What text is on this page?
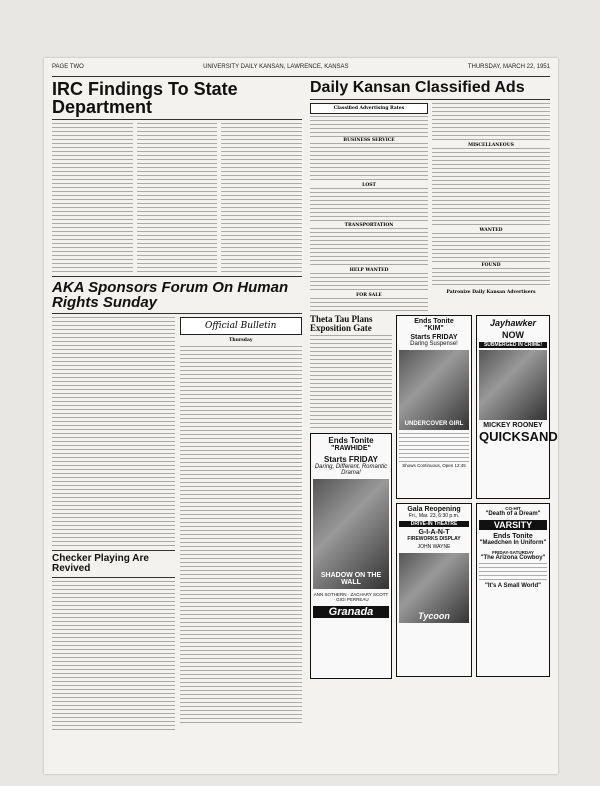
PAGE TWO	UNIVERSITY DAILY KANSAN, LAWRENCE, KANSAS	THURSDAY, MARCH 22, 1951
IRC Findings To State Department
AKA Sponsors Forum On Human Rights Sunday
Checker Playing Are Revived
Official Bulletin
Thursday
Daily Kansan Classified Ads
Classified Advertising Rates
BUSINESS SERVICE
LOST
TRANSPORTATION
HELP WANTED
FOR SALE
MISCELLANEOUS
WANTED
FOUND
Patronize Daily Kansan Advertisers
Theta Tau Plans Exposition Gate
Ends Tonite
"RAWHIDE"
Starts FRIDAY
Daring, Different, Romantic Drama!
SHADOW ON THE WALL
ANN SOTHERN · ZACHARY SCOTT · GIGI PERREAU
Granada
Ends Tonite
"KIM"
Starts FRIDAY
Daring Suspense!
UNDERCOVER GIRL
Shows Continuous, Open 12:45
Gala Reopening
Fri., Mar. 23, 6:30 p.m.
DRIVE-IN THEATRE
G-I-A-N-T
FIREWORKS DISPLAY
JOHN WAYNE
Tycoon
Jayhawker
NOW
SUBMERGED IN CRIME!
MICKEY ROONEY
QUICKSAND
CO-HIT
"Death of a Dream"
VARSITY
Ends Tonite
"Maedchen In Uniform"
FRIDAY-SATURDAY
"The Arizona Cowboy"
"It's A Small World"
